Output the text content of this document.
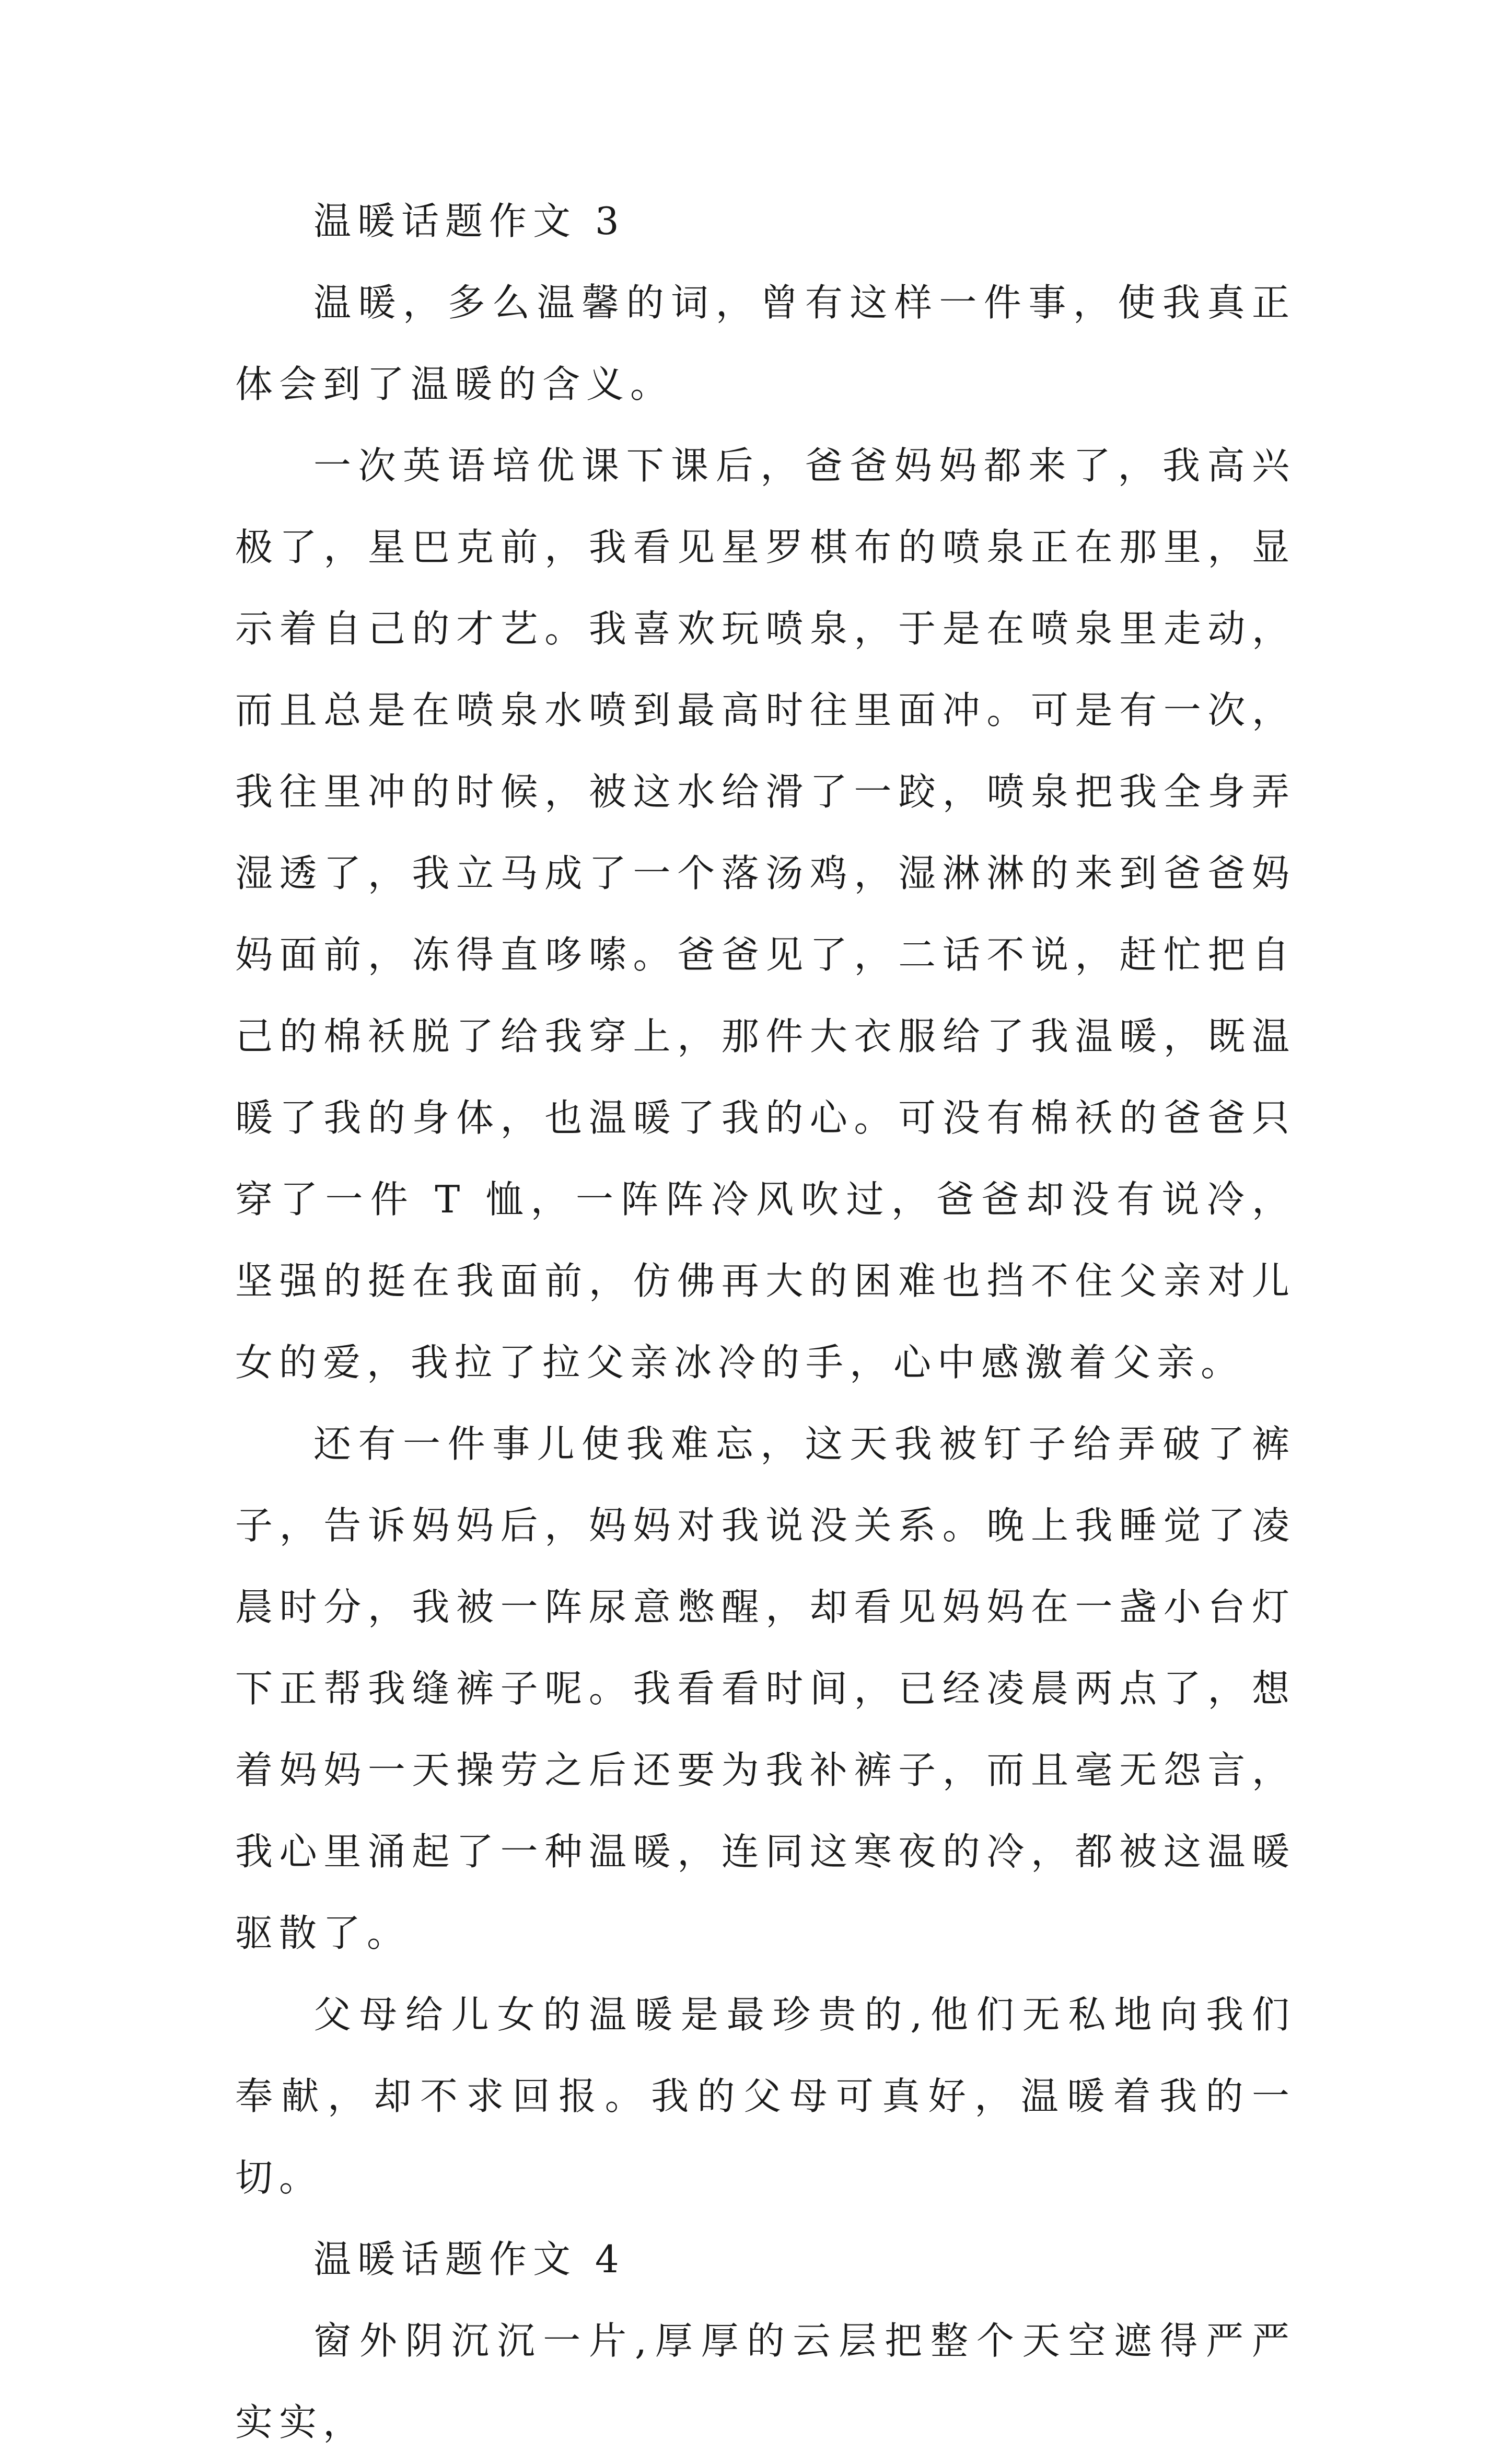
温暖话题作文 3

温暖，多么温馨的词，曾有这样一件事，使我真正体会到了温暖的含义。

一次英语培优课下课后，爸爸妈妈都来了，我高兴极了，星巴克前，我看见星罗棋布的喷泉正在那里，显示着自己的才艺。我喜欢玩喷泉，于是在喷泉里走动，而且总是在喷泉水喷到最高时往里面冲。可是有一次，我往里冲的时候，被这水给滑了一跤，喷泉把我全身弄湿透了，我立马成了一个落汤鸡，湿淋淋的来到爸爸妈妈面前，冻得直哆嗦。爸爸见了，二话不说，赶忙把自己的棉袄脱了给我穿上，那件大衣服给了我温暖，既温暖了我的身体，也温暖了我的心。可没有棉袄的爸爸只穿了一件 T 恤，一阵阵冷风吹过，爸爸却没有说冷，坚强的挺在我面前，仿佛再大的困难也挡不住父亲对儿女的爱，我拉了拉父亲冰冷的手，心中感激着父亲。

还有一件事儿使我难忘，这天我被钉子给弄破了裤子，告诉妈妈后，妈妈对我说没关系。晚上我睡觉了凌晨时分，我被一阵尿意憋醒，却看见妈妈在一盏小台灯下正帮我缝裤子呢。我看看时间，已经凌晨两点了，想着妈妈一天操劳之后还要为我补裤子，而且毫无怨言，我心里涌起了一种温暖，连同这寒夜的冷，都被这温暖驱散了。

父母给儿女的温暖是最珍贵的,他们无私地向我们奉献，却不求回报。我的父母可真好，温暖着我的一切。

温暖话题作文 4

窗外阴沉沉一片,厚厚的云层把整个天空遮得严严实实，
